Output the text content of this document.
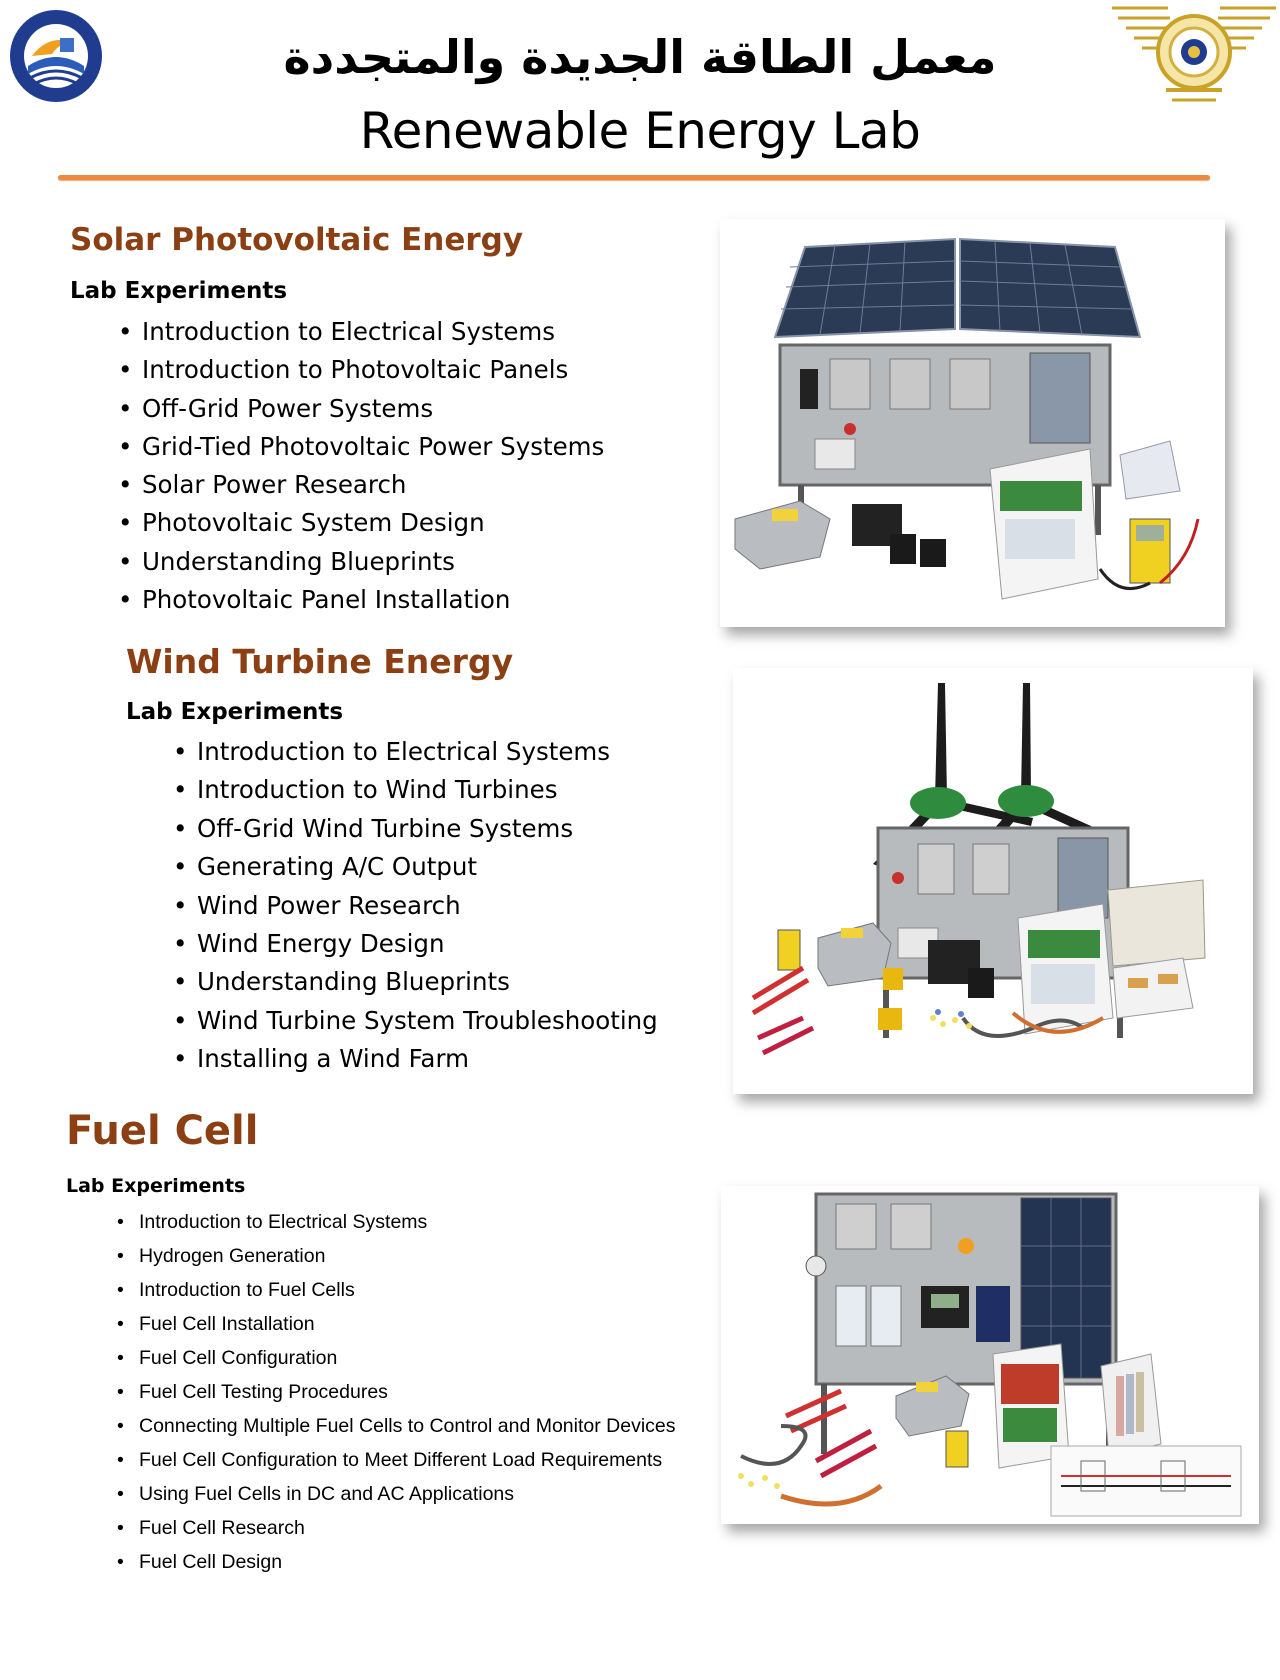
معمل الطاقة الجديدة والمتجددة
Renewable Energy Lab
Solar Photovoltaic Energy
Lab Experiments
• Introduction to Electrical Systems
• Introduction to Photovoltaic Panels
• Off-Grid Power Systems
• Grid-Tied Photovoltaic Power Systems
• Solar Power Research
• Photovoltaic System Design
• Understanding Blueprints
• Photovoltaic Panel Installation
Wind Turbine Energy
Lab Experiments
• Introduction to Electrical Systems
• Introduction to Wind Turbines
• Off-Grid Wind Turbine Systems
• Generating A/C Output
• Wind Power Research
• Wind Energy Design
• Understanding Blueprints
• Wind Turbine System Troubleshooting
• Installing a Wind Farm
Fuel Cell
Lab Experiments
• Introduction to Electrical Systems
• Hydrogen Generation
• Introduction to Fuel Cells
• Fuel Cell Installation
• Fuel Cell Configuration
• Fuel Cell Testing Procedures
• Connecting Multiple Fuel Cells to Control and Monitor Devices
• Fuel Cell Configuration to Meet Different Load Requirements
• Using Fuel Cells in DC and AC Applications
• Fuel Cell Research
• Fuel Cell Design
